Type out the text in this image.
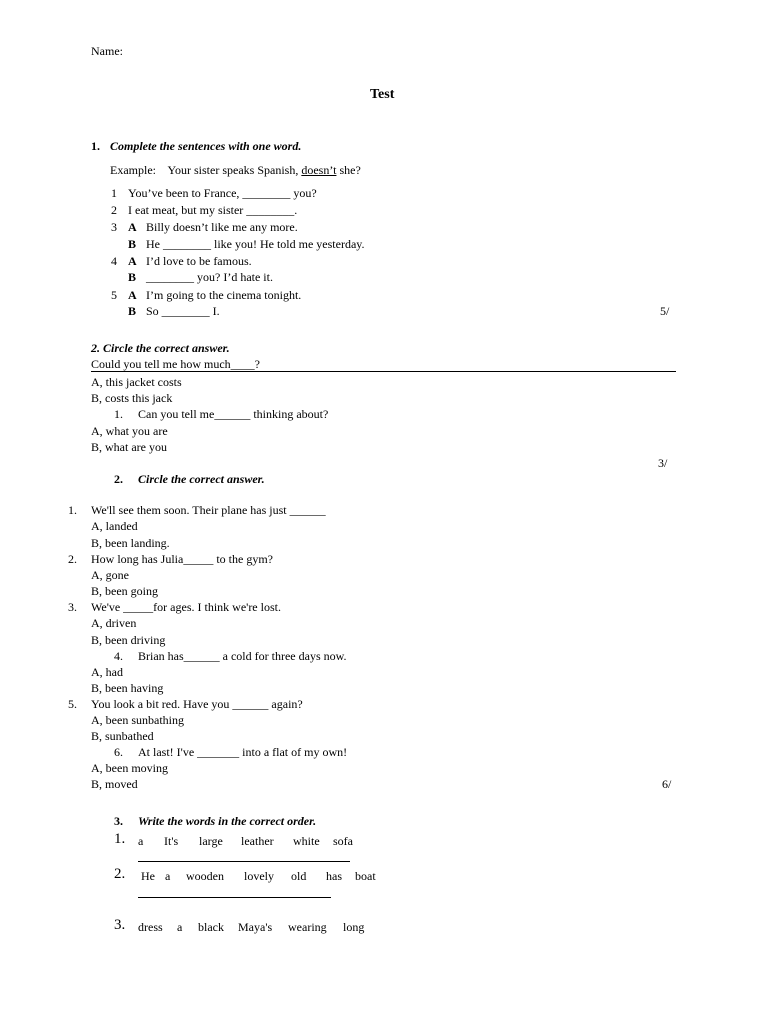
Name:
Test
1. Complete the sentences with one word.
Example: Your sister speaks Spanish, doesn’t she?
1 You’ve been to France, ________ you?
2 I eat meat, but my sister ________.
3 A Billy doesn’t like me any more.
B He ________ like you! He told me yesterday.
4 A I’d love to be famous.
B ________ you? I’d hate it.
5 A I’m going to the cinema tonight.
B So ________ I.	5/
2. Circle the correct answer.
Could you tell me how much____?
A, this jacket costs
B, costs this jack
1. Can you tell me______ thinking about?
A, what you are
B, what are you
3/
2. Circle the correct answer.
1. We'll see them soon. Their plane has just ______
A, landed
B, been landing.
2. How long has Julia_____ to the gym?
A, gone
B, been going
3. We've _____for ages. I think we're lost.
A, driven
B, been driving
4. Brian has______ a cold for three days now.
A, had
B, been having
5. You look a bit red. Have you ______ again?
A, been sunbathing
B, sunbathed
6. At last! I've _______ into a flat of my own!
A, been moving
B, moved	6/
3. Write the words in the correct order.
1. a It's large leather white sofa
2. He a wooden lovely old has boat
3. dress a black Maya's wearing long
